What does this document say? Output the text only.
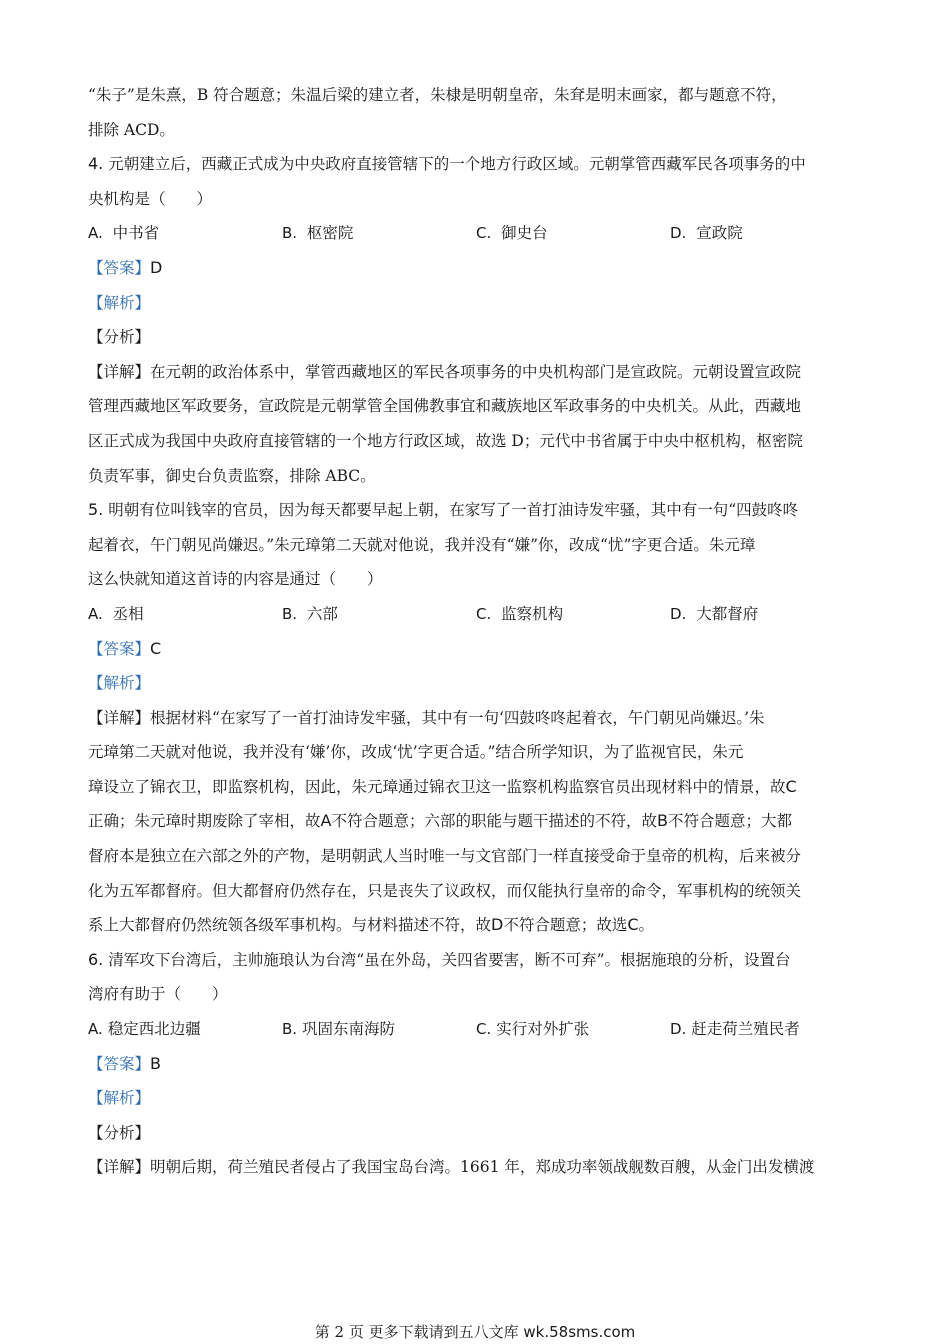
“朱子”是朱熹，B 符合题意；朱温后梁的建立者，朱棣是明朝皇帝，朱耷是明末画家，都与题意不符，
排除 ACD。
4. 元朝建立后，西藏正式成为中央政府直接管辖下的一个地方行政区域。元朝掌管西藏军民各项事务的中
央机构是（　　）
A. 中书省	B. 枢密院	C. 御史台	D. 宣政院
【答案】D
【解析】
【分析】
【详解】在元朝的政治体系中，掌管西藏地区的军民各项事务的中央机构部门是宣政院。元朝设置宣政院
管理西藏地区军政要务，宣政院是元朝掌管全国佛教事宜和藏族地区军政事务的中央机关。从此，西藏地
区正式成为我国中央政府直接管辖的一个地方行政区域，故选 D；元代中书省属于中央中枢机构，枢密院
负责军事，御史台负责监察，排除 ABC。
5. 明朝有位叫钱宰的官员，因为每天都要早起上朝，在家写了一首打油诗发牢骚，其中有一句“四鼓咚咚
起着衣，午门朝见尚嫌迟。”朱元璋第二天就对他说，我并没有“嫌”你，改成“忧”字更合适。朱元璋
这么快就知道这首诗的内容是通过（　　）
A. 丞相	B. 六部	C. 监察机构	D. 大都督府
【答案】C
【解析】
【详解】根据材料“在家写了一首打油诗发牢骚，其中有一句‘四鼓咚咚起着衣，午门朝见尚嫌迟。’朱
元璋第二天就对他说，我并没有‘嫌’你，改成‘忧’字更合适。”结合所学知识，为了监视官民，朱元
璋设立了锦衣卫，即监察机构，因此，朱元璋通过锦衣卫这一监察机构监察官员出现材料中的情景，故C
正确；朱元璋时期废除了宰相，故A不符合题意；六部的职能与题干描述的不符，故B不符合题意；大都
督府本是独立在六部之外的产物，是明朝武人当时唯一与文官部门一样直接受命于皇帝的机构，后来被分
化为五军都督府。但大都督府仍然存在，只是丧失了议政权，而仅能执行皇帝的命令，军事机构的统领关
系上大都督府仍然统领各级军事机构。与材料描述不符，故D不符合题意；故选C。
6. 清军攻下台湾后，主帅施琅认为台湾“虽在外岛，关四省要害，断不可弃”。根据施琅的分析，设置台
湾府有助于（　　）
A. 稳定西北边疆	B. 巩固东南海防	C. 实行对外扩张	D. 赶走荷兰殖民者
【答案】B
【解析】
【分析】
【详解】明朝后期，荷兰殖民者侵占了我国宝岛台湾。1661 年，郑成功率领战舰数百艘，从金门出发横渡
第 2 页 更多下载请到五八文库 wk.58sms.com
